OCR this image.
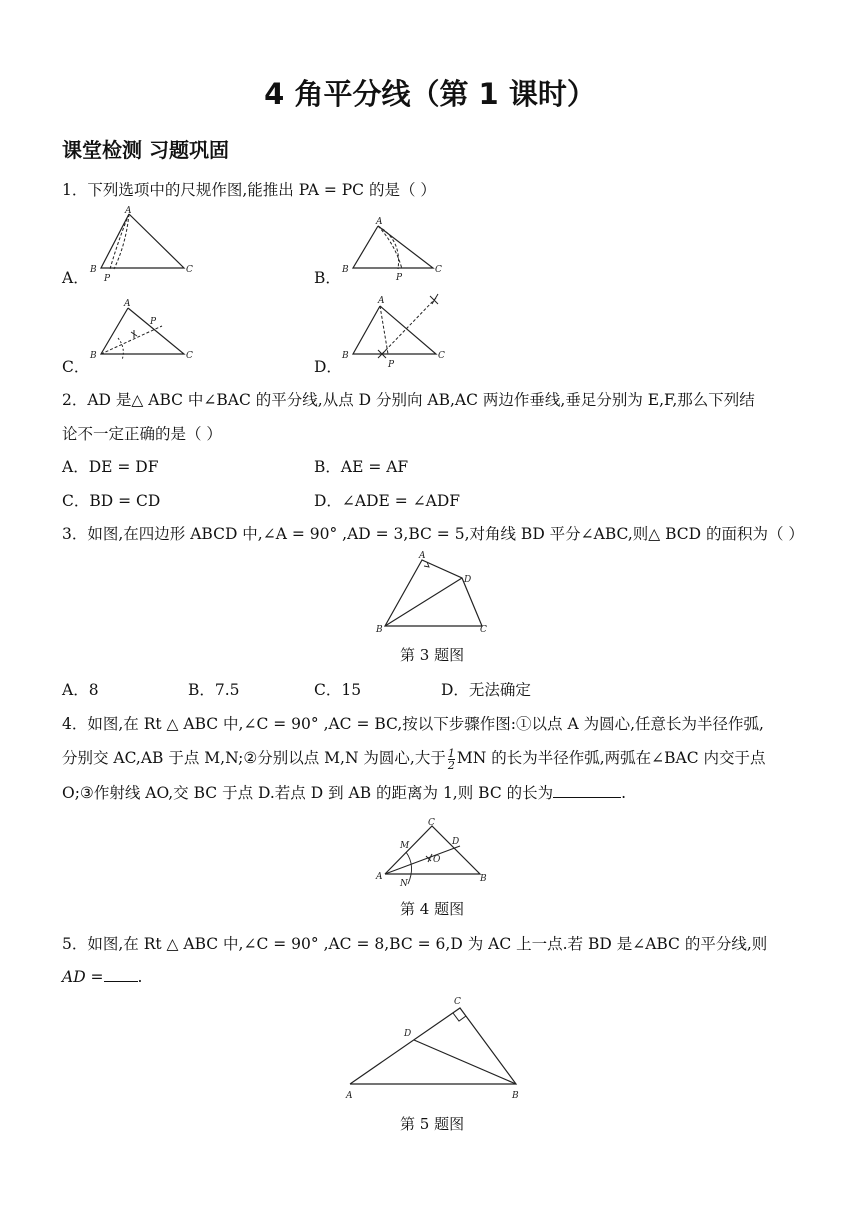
4 角平分线（第 1 课时）
课堂检测 习题巩固
1．下列选项中的尺规作图,能推出 PA = PC 的是（ ）
A．
A
B	C
P	B．
A
B	C
P
C．
A
B	C
P
D．
A
B	C
P
2．AD 是△ ABC 中∠BAC 的平分线,从点 D 分别向 AB,AC 两边作垂线,垂足分别为 E,F,那么下列结
论不一定正确的是（ ）
A．DE = DF	B．AE = AF
C．BD = CD	D．∠ADE = ∠ADF
3．如图,在四边形 ABCD 中,∠A = 90° ,AD = 3,BC = 5,对角线 BD 平分∠ABC,则△ BCD 的面积为（ ）
A
D
B	C
第 3 题图
A．8	B．7.5	C．15	D．无法确定
4．如图,在 Rt △ ABC 中,∠C = 90° ,AC = BC,按以下步骤作图:①以点 A 为圆心,任意长为半径作弧,
分别交 AC,AB 于点 M,N;②分别以点 M,N 为圆心,大于 $\frac{1}{2}$ MN 的长为半径作弧,两弧在∠BAC 内交于点
O;③作射线 AO,交 BC 于点 D.若点 D 到 AB 的距离为 1,则 BC 的长为	.
C
M	D
O
A
N	B
第 4 题图
5．如图,在 Rt △ ABC 中,∠C = 90° ,AC = 8,BC = 6,D 为 AC 上一点.若 BD 是∠ABC 的平分线,则
AD = .
C
D
A	B
第 5 题图
